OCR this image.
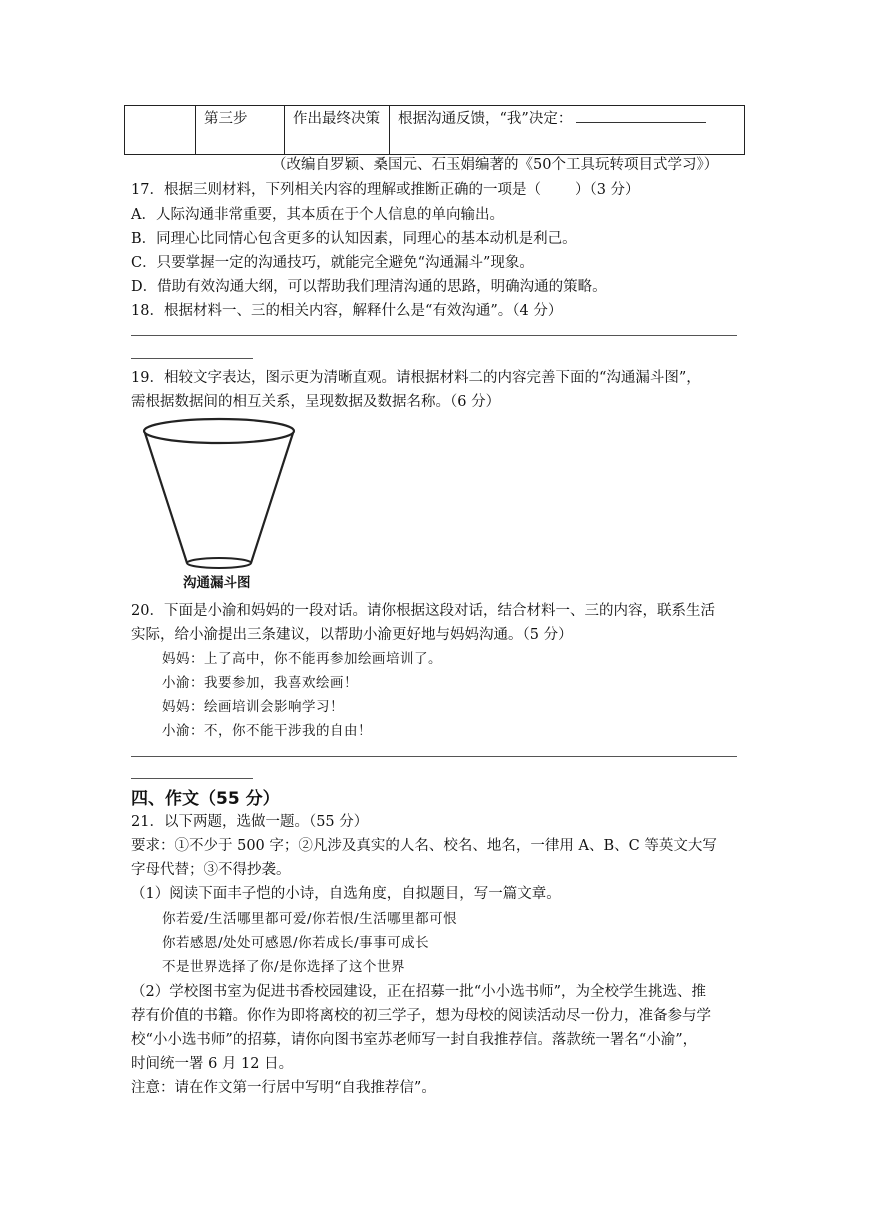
	第三步	作出最终决策	根据沟通反馈，“我”决定：
（改编自罗颖、桑国元、石玉娟编著的《50个工具玩转项目式学习》）
17．根据三则材料，下列相关内容的理解或推断正确的一项是（ ）（3 分）
A．人际沟通非常重要，其本质在于个人信息的单向输出。
B．同理心比同情心包含更多的认知因素，同理心的基本动机是利己。
C．只要掌握一定的沟通技巧，就能完全避免“沟通漏斗”现象。
D．借助有效沟通大纲，可以帮助我们理清沟通的思路，明确沟通的策略。
18．根据材料一、三的相关内容，解释什么是“有效沟通”。（4 分）
19．相较文字表达，图示更为清晰直观。请根据材料二的内容完善下面的“沟通漏斗图”，
需根据数据间的相互关系，呈现数据及数据名称。（6 分）
沟通漏斗图
20．下面是小渝和妈妈的一段对话。请你根据这段对话，结合材料一、三的内容，联系生活
实际，给小渝提出三条建议，以帮助小渝更好地与妈妈沟通。（5 分）
妈妈：上了高中，你不能再参加绘画培训了。
小渝：我要参加，我喜欢绘画！
妈妈：绘画培训会影响学习！
小渝：不，你不能干涉我的自由！
四、作文（55 分）
21．以下两题，选做一题。（55 分）
要求：①不少于 500 字；②凡涉及真实的人名、校名、地名，一律用 A、B、C 等英文大写
字母代替；③不得抄袭。
（1）阅读下面丰子恺的小诗，自选角度，自拟题目，写一篇文章。
你若爱/生活哪里都可爱/你若恨/生活哪里都可恨
你若感恩/处处可感恩/你若成长/事事可成长
不是世界选择了你/是你选择了这个世界
（2）学校图书室为促进书香校园建设，正在招募一批“小小选书师”，为全校学生挑选、推
荐有价值的书籍。你作为即将离校的初三学子，想为母校的阅读活动尽一份力，准备参与学
校“小小选书师”的招募，请你向图书室苏老师写一封自我推荐信。落款统一署名“小渝”，
时间统一署 6 月 12 日。
注意：请在作文第一行居中写明“自我推荐信”。
